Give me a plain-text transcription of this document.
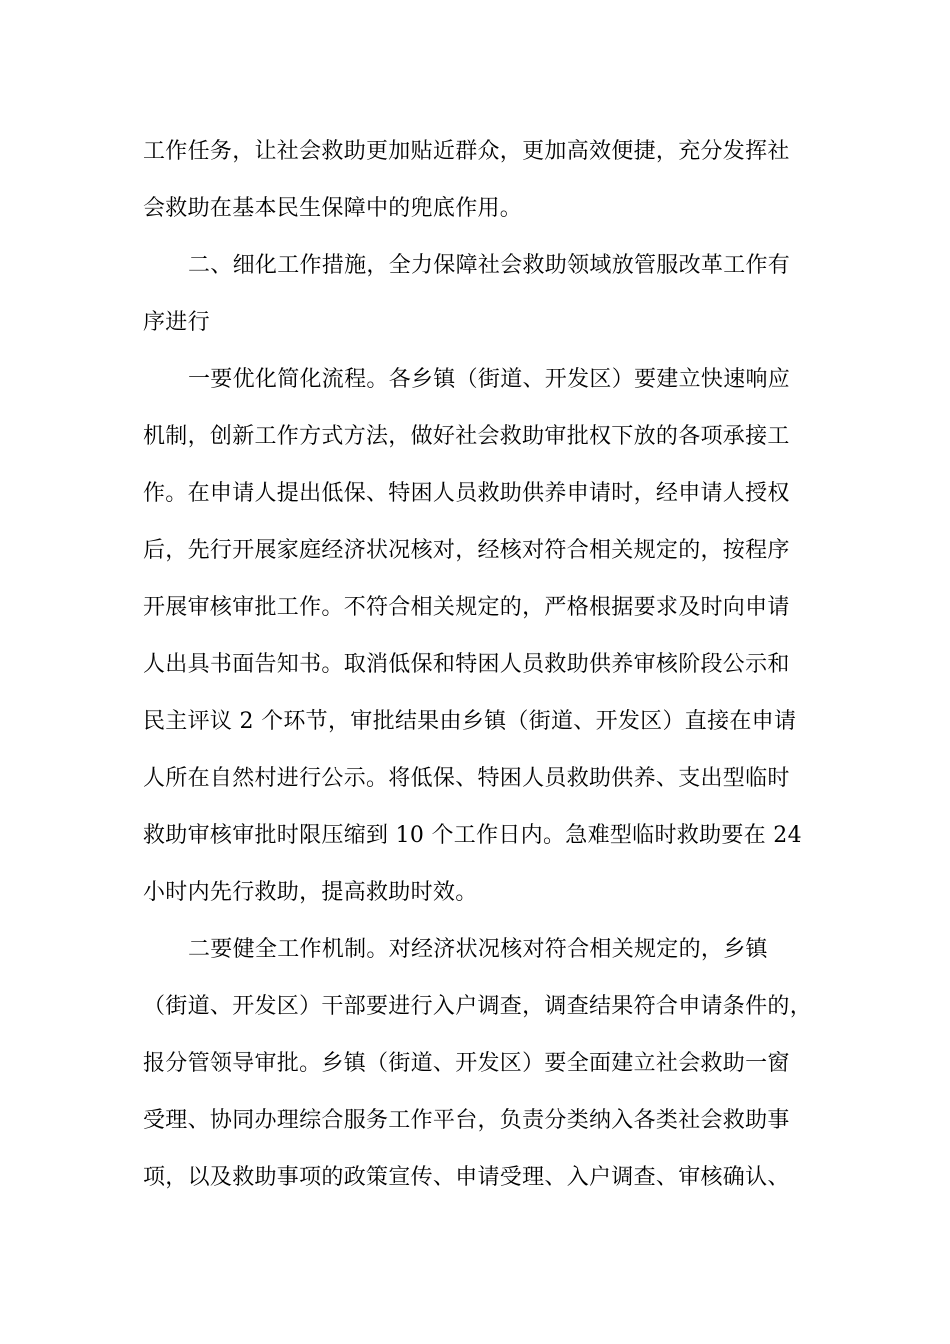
工作任务，让社会救助更加贴近群众，更加高效便捷，充分发挥社
会救助在基本民生保障中的兜底作用。
二、细化工作措施，全力保障社会救助领域放管服改革工作有
序进行
一要优化简化流程。各乡镇（街道、开发区）要建立快速响应
机制，创新工作方式方法，做好社会救助审批权下放的各项承接工
作。在申请人提出低保、特困人员救助供养申请时，经申请人授权
后，先行开展家庭经济状况核对，经核对符合相关规定的，按程序
开展审核审批工作。不符合相关规定的，严格根据要求及时向申请
人出具书面告知书。取消低保和特困人员救助供养审核阶段公示和
民主评议 2 个环节，审批结果由乡镇（街道、开发区）直接在申请
人所在自然村进行公示。将低保、特困人员救助供养、支出型临时
救助审核审批时限压缩到 10 个工作日内。急难型临时救助要在 24
小时内先行救助，提高救助时效。
二要健全工作机制。对经济状况核对符合相关规定的，乡镇
（街道、开发区）干部要进行入户调查，调查结果符合申请条件的，
报分管领导审批。乡镇（街道、开发区）要全面建立社会救助一窗
受理、协同办理综合服务工作平台，负责分类纳入各类社会救助事
项，以及救助事项的政策宣传、申请受理、入户调查、审核确认、
